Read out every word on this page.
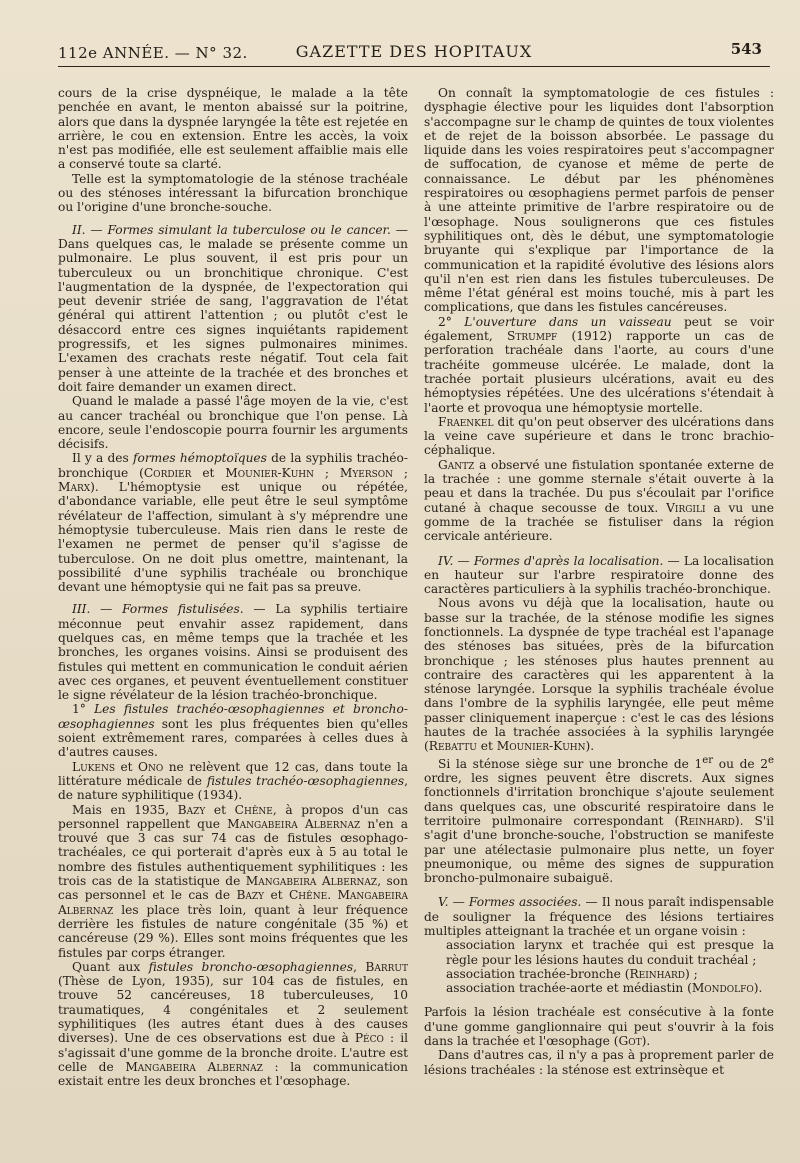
112e ANNÉE. — N° 32.	GAZETTE DES HOPITAUX	543

cours de la crise dyspnéique, le malade a la tête penchée en avant, le menton abaissé sur la poitrine, alors que dans la dyspnée laryngée la tête est rejetée en arrière, le cou en extension. Entre les accès, la voix n'est pas modifiée, elle est seulement affaiblie mais elle a conservé toute sa clarté.

Telle est la symptomatologie de la sténose trachéale ou des sténoses intéressant la bifurcation bronchique ou l'origine d'une bronche-souche.

II. — Formes simulant la tuberculose ou le cancer. — Dans quelques cas, le malade se présente comme un pulmonaire. Le plus souvent, il est pris pour un tuberculeux ou un bronchitique chronique. C'est l'augmentation de la dyspnée, de l'expectoration qui peut devenir striée de sang, l'aggravation de l'état général qui attirent l'attention ; ou plutôt c'est le désaccord entre ces signes inquiétants rapidement progressifs, et les signes pulmonaires minimes. L'examen des crachats reste négatif. Tout cela fait penser à une atteinte de la trachée et des bronches et doit faire demander un examen direct.

Quand le malade a passé l'âge moyen de la vie, c'est au cancer trachéal ou bronchique que l'on pense. Là encore, seule l'endoscopie pourra fournir les arguments décisifs.

Il y a des formes hémoptoïques de la syphilis trachéo-bronchique (Cordier et Mounier-Kuhn ; Myerson ; Marx). L'hémoptysie est unique ou répétée, d'abondance variable, elle peut être le seul symptôme révélateur de l'affection, simulant à s'y méprendre une hémoptysie tuberculeuse. Mais rien dans le reste de l'examen ne permet de penser qu'il s'agisse de tuberculose. On ne doit plus omettre, maintenant, la possibilité d'une syphilis trachéale ou bronchique devant une hémoptysie qui ne fait pas sa preuve.

III. — Formes fistulisées. — La syphilis tertiaire méconnue peut envahir assez rapidement, dans quelques cas, en même temps que la trachée et les bronches, les organes voisins. Ainsi se produisent des fistules qui mettent en communication le conduit aérien avec ces organes, et peuvent éventuellement constituer le signe révélateur de la lésion trachéo-bronchique.

1° Les fistules trachéo-œsophagiennes et broncho-œsophagiennes sont les plus fréquentes bien qu'elles soient extrêmement rares, comparées à celles dues à d'autres causes.

Lukens et Ono ne relèvent que 12 cas, dans toute la littérature médicale de fistules trachéo-œsophagiennes, de nature syphilitique (1934).

Mais en 1935, Bazy et Chêne, à propos d'un cas personnel rappellent que Mangabeira Albernaz n'en a trouvé que 3 cas sur 74 cas de fistules œsophago-trachéales, ce qui porterait d'après eux à 5 au total le nombre des fistules authentiquement syphilitiques : les trois cas de la statistique de Mangabeira Albernaz, son cas personnel et le cas de Bazy et Chêne. Mangabeira Albernaz les place très loin, quant à leur fréquence derrière les fistules de nature congénitale (35 %) et cancéreuse (29 %). Elles sont moins fréquentes que les fistules par corps étranger.

Quant aux fistules broncho-œsophagiennes, Barrut (Thèse de Lyon, 1935), sur 104 cas de fistules, en trouve 52 cancéreuses, 18 tuberculeuses, 10 traumatiques, 4 congénitales et 2 seulement syphilitiques (les autres étant dues à des causes diverses). Une de ces observations est due à Péco : il s'agissait d'une gomme de la bronche droite. L'autre est celle de Mangabeira Albernaz : la communication existait entre les deux bronches et l'œsophage.

On connaît la symptomatologie de ces fistules : dysphagie élective pour les liquides dont l'absorption s'accompagne sur le champ de quintes de toux violentes et de rejet de la boisson absorbée. Le passage du liquide dans les voies respiratoires peut s'accompagner de suffocation, de cyanose et même de perte de connaissance. Le début par les phénomènes respiratoires ou œsophagiens permet parfois de penser à une atteinte primitive de l'arbre respiratoire ou de l'œsophage. Nous soulignerons que ces fistules syphilitiques ont, dès le début, une symptomatologie bruyante qui s'explique par l'importance de la communication et la rapidité évolutive des lésions alors qu'il n'en est rien dans les fistules tuberculeuses. De même l'état général est moins touché, mis à part les complications, que dans les fistules cancéreuses.

2° L'ouverture dans un vaisseau peut se voir également, Strumpf (1912) rapporte un cas de perforation trachéale dans l'aorte, au cours d'une trachéite gommeuse ulcérée. Le malade, dont la trachée portait plusieurs ulcérations, avait eu des hémoptysies répétées. Une des ulcérations s'étendait à l'aorte et provoqua une hémoptysie mortelle.

Fraenkel dit qu'on peut observer des ulcérations dans la veine cave supérieure et dans le tronc brachio-céphalique.

Gantz a observé une fistulation spontanée externe de la trachée : une gomme sternale s'était ouverte à la peau et dans la trachée. Du pus s'écoulait par l'orifice cutané à chaque secousse de toux. Virgili a vu une gomme de la trachée se fistuliser dans la région cervicale antérieure.

IV. — Formes d'après la localisation. — La localisation en hauteur sur l'arbre respiratoire donne des caractères particuliers à la syphilis trachéo-bronchique.

Nous avons vu déjà que la localisation, haute ou basse sur la trachée, de la sténose modifie les signes fonctionnels. La dyspnée de type trachéal est l'apanage des sténoses bas situées, près de la bifurcation bronchique ; les sténoses plus hautes prennent au contraire des caractères qui les apparentent à la sténose laryngée. Lorsque la syphilis trachéale évolue dans l'ombre de la syphilis laryngée, elle peut même passer cliniquement inaperçue : c'est le cas des lésions hautes de la trachée associées à la syphilis laryngée (Rebattu et Mounier-Kuhn).

Si la sténose siège sur une bronche de 1er ou de 2e ordre, les signes peuvent être discrets. Aux signes fonctionnels d'irritation bronchique s'ajoute seulement dans quelques cas, une obscurité respiratoire dans le territoire pulmonaire correspondant (Reinhard). S'il s'agit d'une bronche-souche, l'obstruction se manifeste par une atélectasie pulmonaire plus nette, un foyer pneumonique, ou même des signes de suppuration broncho-pulmonaire subaiguë.

V. — Formes associées. — Il nous paraît indispensable de souligner la fréquence des lésions tertiaires multiples atteignant la trachée et un organe voisin :

association larynx et trachée qui est presque la règle pour les lésions hautes du conduit trachéal ;

association trachée-bronche (Reinhard) ;

association trachée-aorte et médiastin (Mondolfo).

Parfois la lésion trachéale est consécutive à la fonte d'une gomme ganglionnaire qui peut s'ouvrir à la fois dans la trachée et l'œsophage (Got).

Dans d'autres cas, il n'y a pas à proprement parler de lésions trachéales : la sténose est extrinsèque et
